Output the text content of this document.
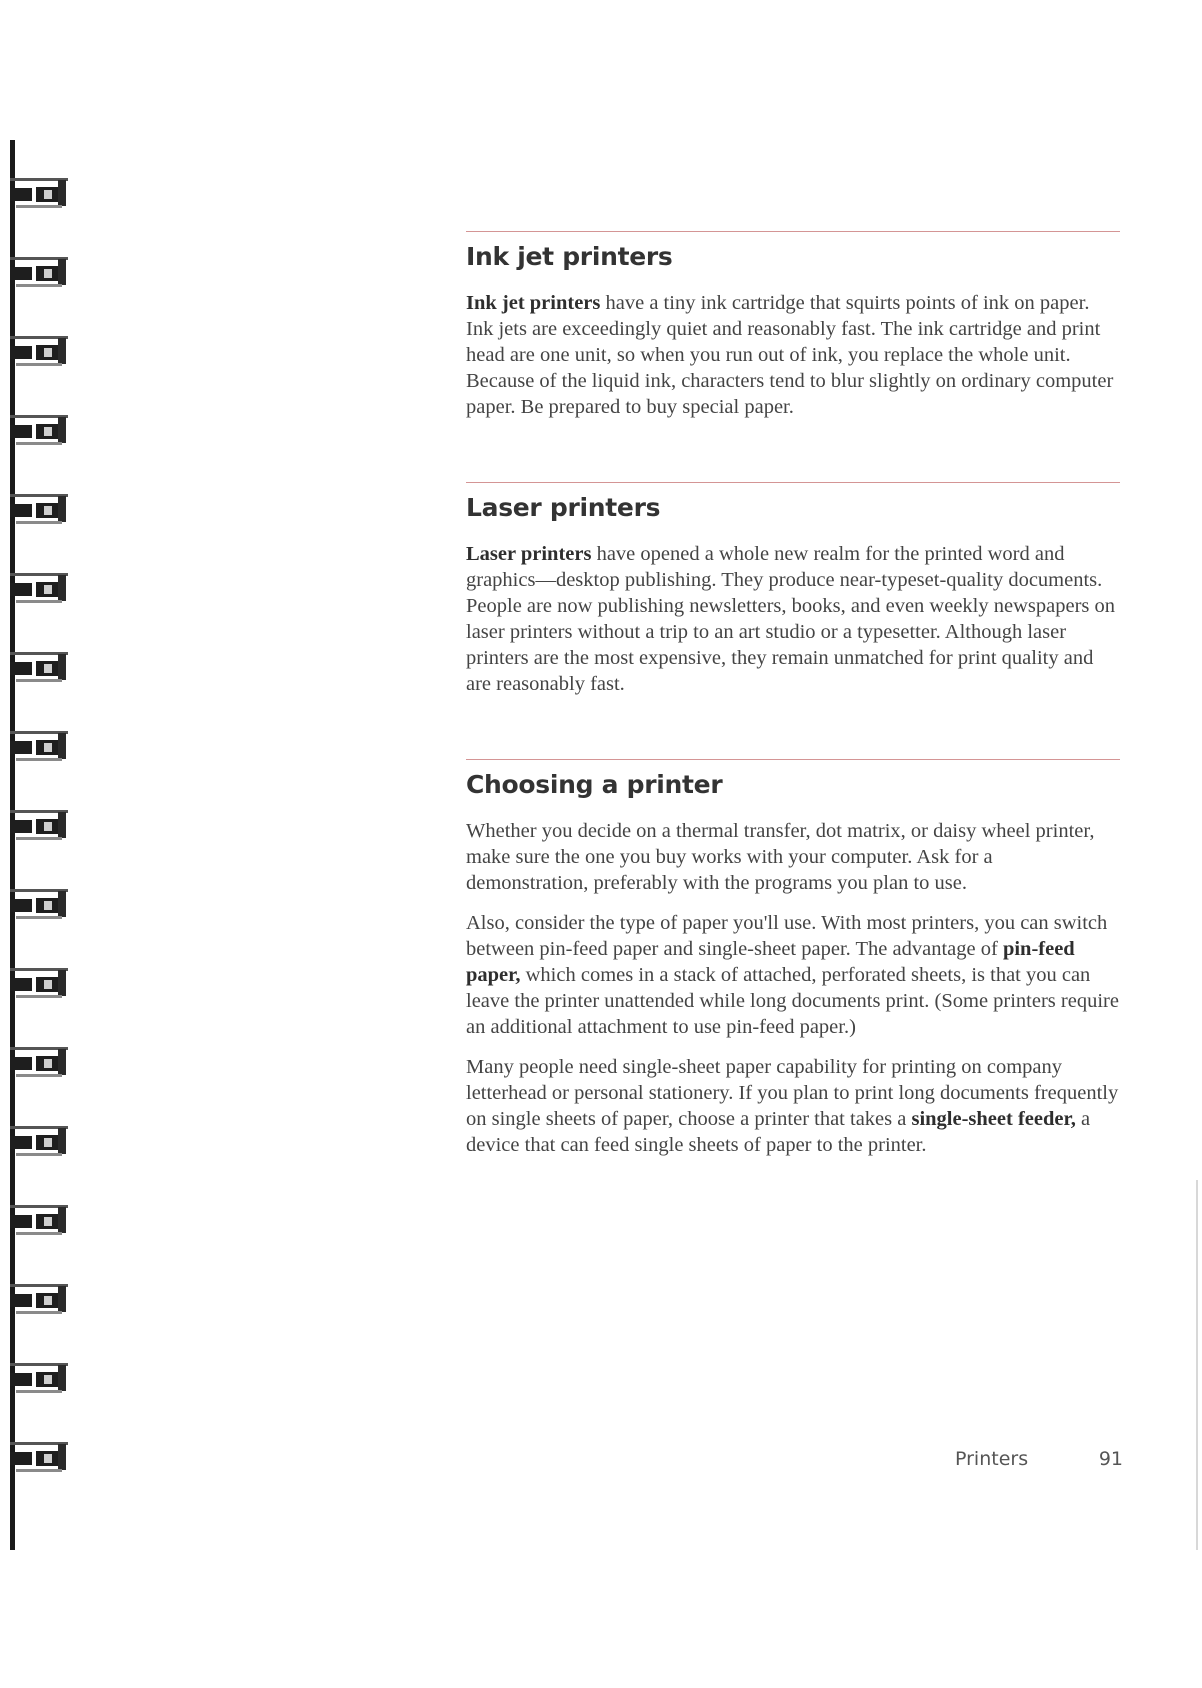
Ink jet printers

Ink jet printers have a tiny ink cartridge that squirts points of ink on paper. Ink jets are exceedingly quiet and reasonably fast. The ink cartridge and print head are one unit, so when you run out of ink, you replace the whole unit. Because of the liquid ink, characters tend to blur slightly on ordinary computer paper. Be prepared to buy special paper.

Laser printers

Laser printers have opened a whole new realm for the printed word and graphics—desktop publishing. They produce near-typeset-quality documents. People are now publishing newsletters, books, and even weekly newspapers on laser printers without a trip to an art studio or a typesetter. Although laser printers are the most expensive, they remain unmatched for print quality and are reasonably fast.

Choosing a printer

Whether you decide on a thermal transfer, dot matrix, or daisy wheel printer, make sure the one you buy works with your computer. Ask for a demonstration, preferably with the programs you plan to use.

Also, consider the type of paper you'll use. With most printers, you can switch between pin-feed paper and single-sheet paper. The advantage of pin-feed paper, which comes in a stack of attached, perforated sheets, is that you can leave the printer unattended while long documents print. (Some printers require an additional attachment to use pin-feed paper.)

Many people need single-sheet paper capability for printing on company letterhead or personal stationery. If you plan to print long documents frequently on single sheets of paper, choose a printer that takes a single-sheet feeder, a device that can feed single sheets of paper to the printer.

Printers	91
